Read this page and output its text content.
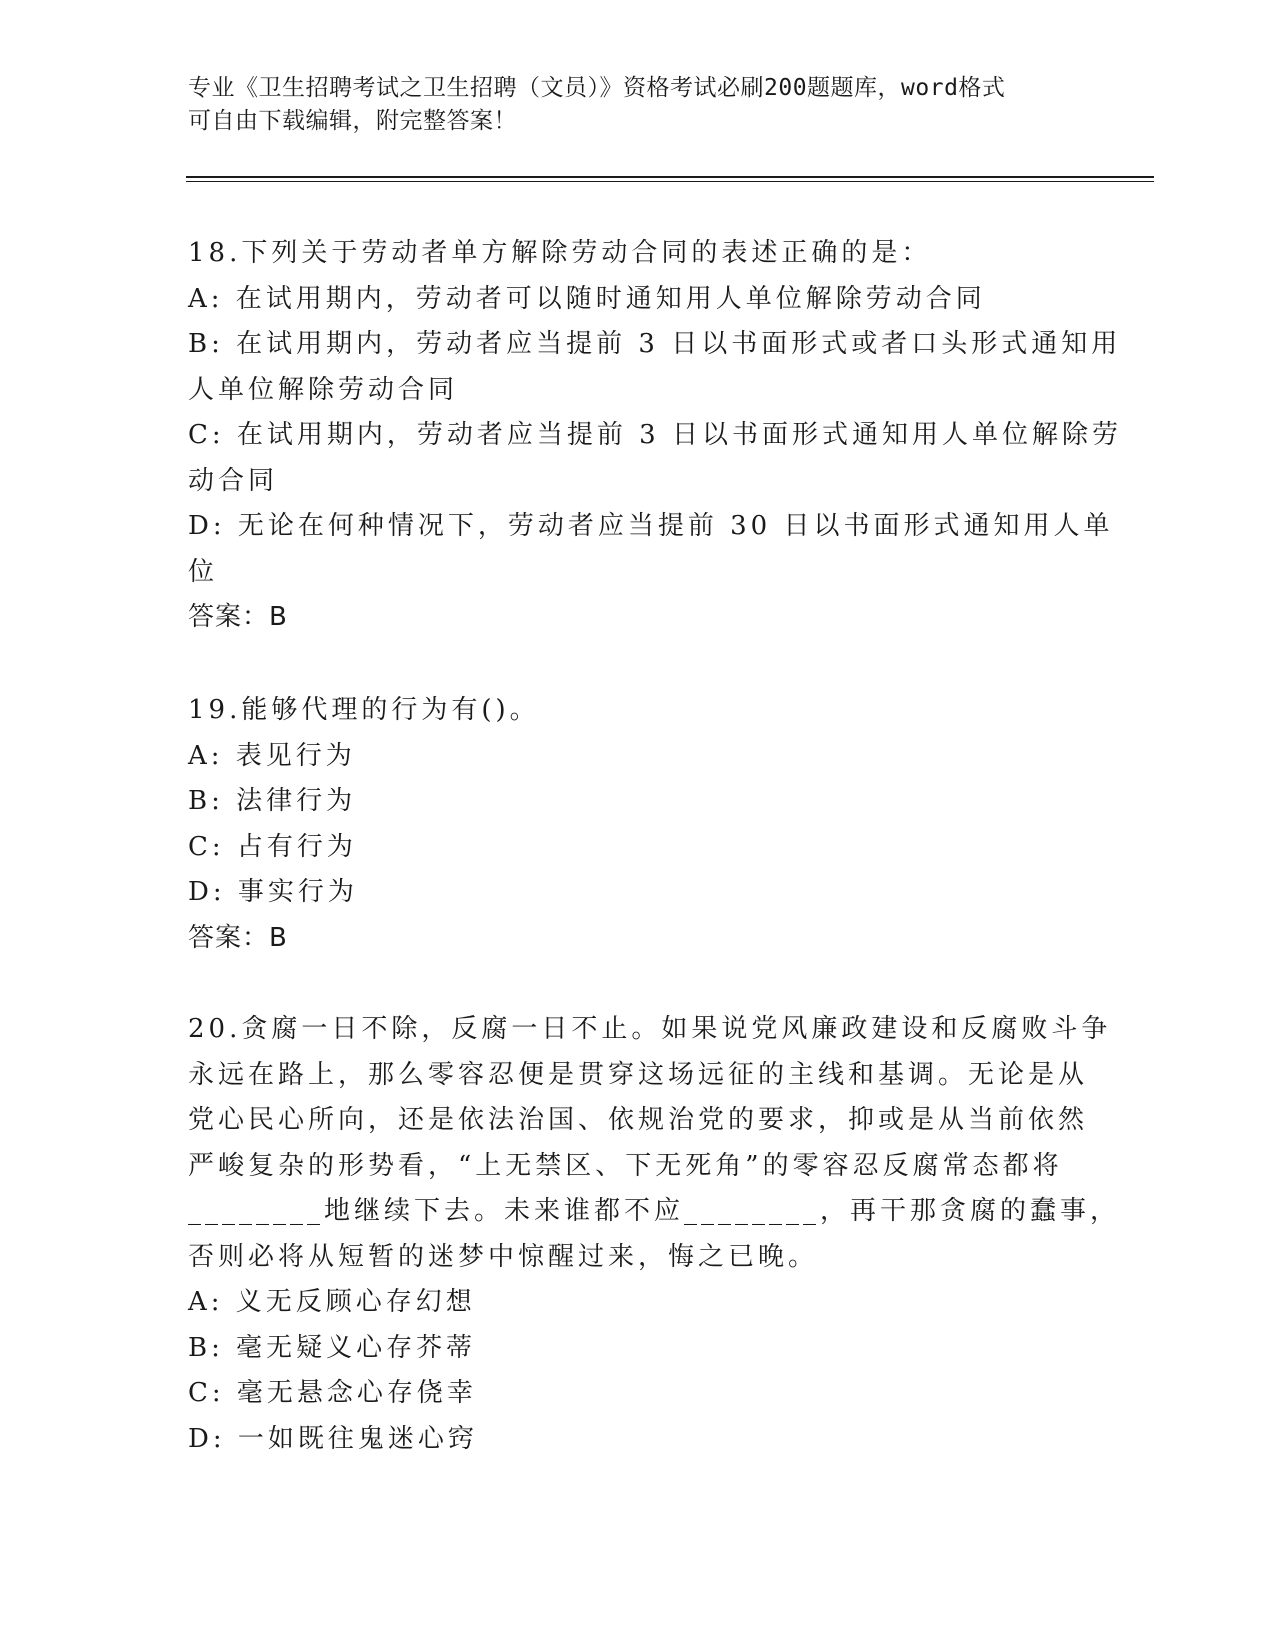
专业《卫生招聘考试之卫生招聘（文员）》资格考试必刷200题题库，word格式
可自由下载编辑，附完整答案！
18.下列关于劳动者单方解除劳动合同的表述正确的是：
A: 在试用期内，劳动者可以随时通知用人单位解除劳动合同
B: 在试用期内，劳动者应当提前 3 日以书面形式或者口头形式通知用
人单位解除劳动合同
C: 在试用期内，劳动者应当提前 3 日以书面形式通知用人单位解除劳
动合同
D: 无论在何种情况下，劳动者应当提前 30 日以书面形式通知用人单
位
答案：B
19.能够代理的行为有()。
A: 表见行为
B: 法律行为
C: 占有行为
D: 事实行为
答案：B
20.贪腐一日不除，反腐一日不止。如果说党风廉政建设和反腐败斗争
永远在路上，那么零容忍便是贯穿这场远征的主线和基调。无论是从
党心民心所向，还是依法治国、依规治党的要求，抑或是从当前依然
严峻复杂的形势看，“上无禁区、下无死角”的零容忍反腐常态都将
________地继续下去。未来谁都不应________，再干那贪腐的蠢事，
否则必将从短暂的迷梦中惊醒过来，悔之已晚。
A: 义无反顾心存幻想
B: 毫无疑义心存芥蒂
C: 毫无悬念心存侥幸
D: 一如既往鬼迷心窍
